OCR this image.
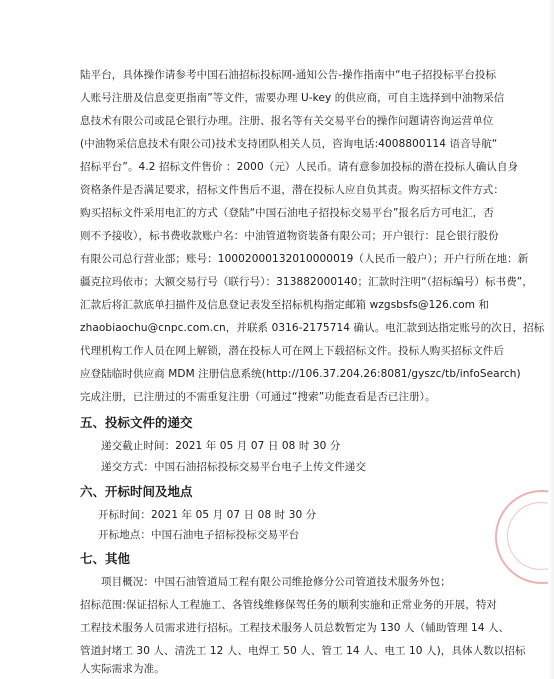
陆平台，具体操作请参考中国石油招标投标网-通知公告-操作指南中“电子招投标平台投标
人账号注册及信息变更指南”等文件，需要办理 U-key 的供应商，可自主选择到中油物采信
息技术有限公司或昆仑银行办理。注册、报名等有关交易平台的操作问题请咨询运营单位
(中油物采信息技术有限公司)技术支持团队相关人员，咨询电话:4008800114 语音导航“
招标平台”。4.2 招标文件售价 ：2000（元）人民币。请有意参加投标的潜在投标人确认自身
资格条件是否满足要求，招标文件售后不退，潜在投标人应自负其责。购买招标文件方式：
购买招标文件采用电汇的方式（登陆“中国石油电子招投标交易平台”报名后方可电汇，否
则不予接收），标书费收款账户名：中油管道物资装备有限公司；开户银行：昆仑银行股份
有限公司总行营业部；账号：10002000132010000019（人民币一般户）；开户行所在地：新
疆克拉玛依市；大额交易行号（联行号）：313882000140；汇款时注明“（招标编号）标书费”，
汇款后将汇款底单扫描件及信息登记表发至招标机构指定邮箱 wzgsbsfs@126.com 和
zhaobiaochu@cnpc.com.cn，并联系 0316-2175714 确认。电汇款到达指定账号的次日，招标
代理机构工作人员在网上解锁，潜在投标人可在网上下载招标文件。投标人购买招标文件后
应登陆临时供应商 MDM 注册信息系统(http://106.37.204.26:8081/gyszc/tb/infoSearch)
完成注册，已注册过的不需重复注册（可通过“搜索”功能查看是否已注册）。
五、投标文件的递交
递交截止时间：2021 年 05 月 07 日 08 时 30 分
递交方式：中国石油招标投标交易平台电子上传文件递交
六、开标时间及地点
开标时间：2021 年 05 月 07 日 08 时 30 分
开标地点：中国石油电子招标投标交易平台
七、其他
项目概况：中国石油管道局工程有限公司维抢修分公司管道技术服务外包；
招标范围:保证招标人工程施工、各管线维修保驾任务的顺利实施和正常业务的开展，特对
工程技术服务人员需求进行招标。工程技术服务人员总数暂定为 130 人（辅助管理 14 人、
管道封堵工 30 人、清洗工 12 人、电焊工 50 人、管工 14 人、电工 10 人)，具体人数以招标
人实际需求为准。
